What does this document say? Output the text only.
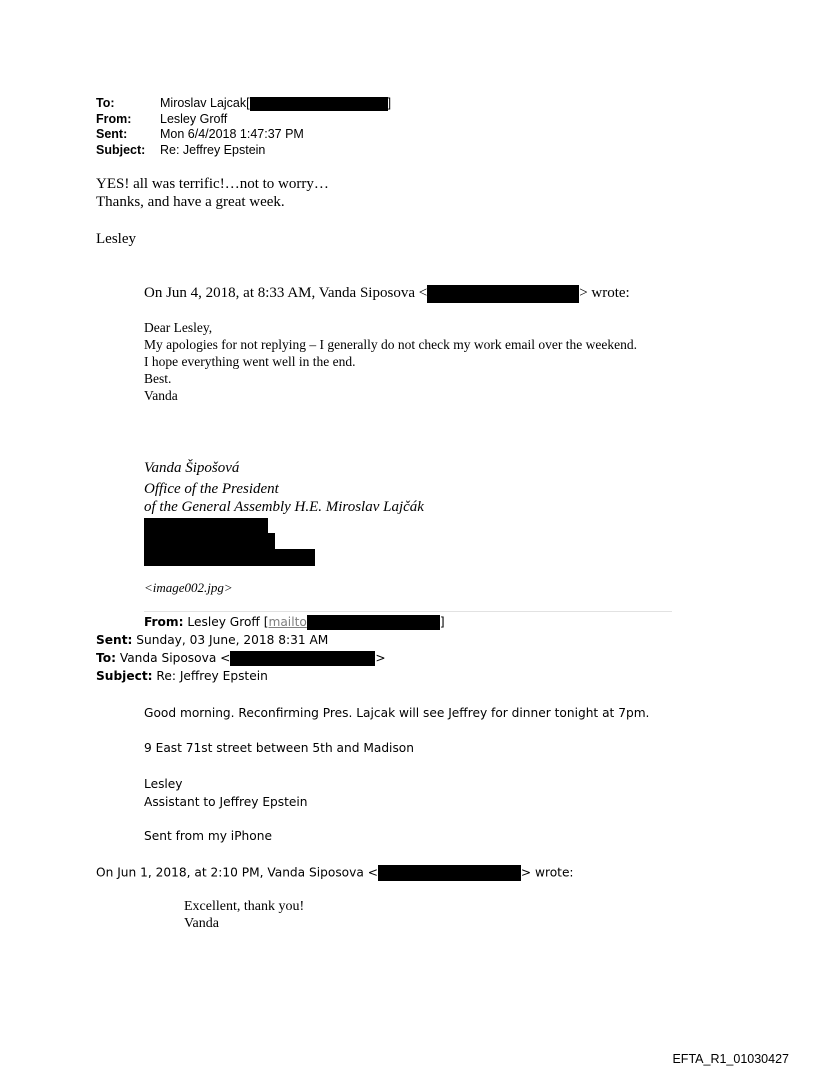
To:	Miroslav Lajcak[	]
From: Lesley Groff
Sent:	Mon 6/4/2018 1:47:37 PM
Subject: Re: Jeffrey Epstein
YES! all was terrific!…not to worry…
Thanks, and have a great week.
Lesley
On Jun 4, 2018, at 8:33 AM, Vanda Siposova <	> wrote:
Dear Lesley,
My apologies for not replying – I generally do not check my work email over the weekend.
I hope everything went well in the end.
Best.
Vanda
Vanda Šipošová
Office of the President
of the General Assembly H.E. Miroslav Lajčák
<image002.jpg>
From: Lesley Groff [mailto	]
Sent: Sunday, 03 June, 2018 8:31 AM
To: Vanda Siposova <	>
Subject: Re: Jeffrey Epstein
Good morning. Reconfirming Pres. Lajcak will see Jeffrey for dinner tonight at 7pm.
9 East 71st street between 5th and Madison
Lesley
Assistant to Jeffrey Epstein
Sent from my iPhone
On Jun 1, 2018, at 2:10 PM, Vanda Siposova <	> wrote:
Excellent, thank you!
Vanda
EFTA_R1_01030427
